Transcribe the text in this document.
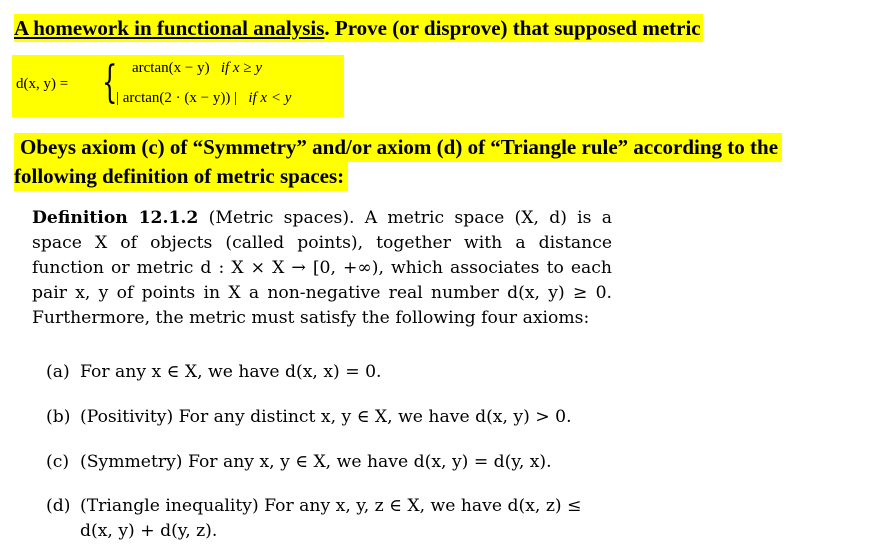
A homework in functional analysis. Prove (or disprove) that supposed metric
d(x, y) = { arctan(x − y) if x ≥ y
| arctan(2 · (x − y)) | if x < y
Obeys axiom (c) of “Symmetry” and/or axiom (d) of “Triangle rule” according to the
following definition of metric spaces:
Definition 12.1.2 (Metric spaces). A metric space (X, d) is a space X of objects (called points), together with a distance function or metric d : X × X → [0, +∞), which associates to each pair x, y of points in X a non-negative real number d(x, y) ≥ 0. Furthermore, the metric must satisfy the following four axioms:
(a) For any x ∈ X, we have d(x, x) = 0.
(b) (Positivity) For any distinct x, y ∈ X, we have d(x, y) > 0.
(c) (Symmetry) For any x, y ∈ X, we have d(x, y) = d(y, x).
(d) (Triangle inequality) For any x, y, z ∈ X, we have d(x, z) ≤
d(x, y) + d(y, z).
